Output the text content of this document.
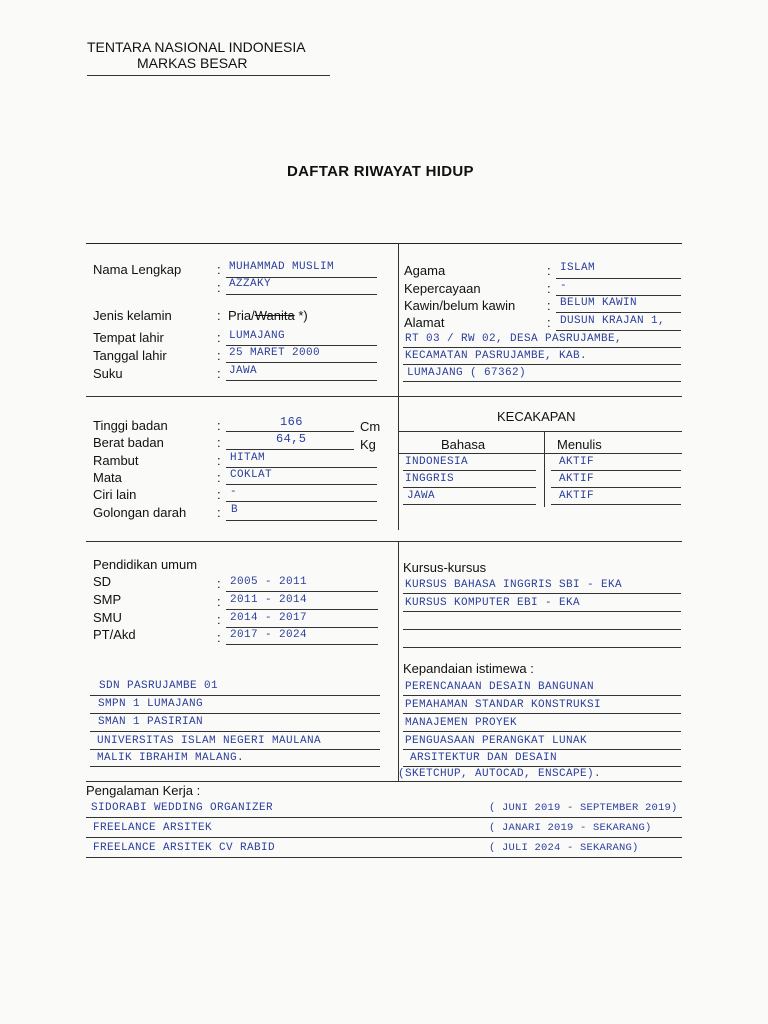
TENTARA NASIONAL INDONESIA
MARKAS BESAR
DAFTAR RIWAYAT HIDUP
Nama Lengkap	: MUHAMMAD MUSLIM
: AZZAKY
Jenis kelamin	: Pria/Wanita *)
Tempat lahir	: LUMAJANG
Tanggal lahir	: 25 MARET 2000
Suku	: JAWA
Agama	: ISLAM
Kepercayaan	: -
Kawin/belum kawin : BELUM KAWIN
Alamat	: DUSUN KRAJAN 1,
RT 03 / RW 02, DESA PASRUJAMBE,
KECAMATAN PASRUJAMBE, KAB.
LUMAJANG ( 67362)
Tinggi badan	:	166	Cm
Berat badan	:	64,5	Kg
Rambut	: HITAM
Mata	: COKLAT
Ciri lain	: -
Golongan darah : B
KECAKAPAN
Bahasa	Menulis
INDONESIA	AKTIF
INGGRIS	AKTIF
JAWA	AKTIF
Pendidikan umum
SD	: 2005 - 2011
SMP	: 2011 - 2014
SMU	: 2014 - 2017
PT/Akd	: 2017 - 2024
SDN PASRUJAMBE 01
SMPN 1 LUMAJANG
SMAN 1 PASIRIAN
UNIVERSITAS ISLAM NEGERI MAULANA
MALIK IBRAHIM MALANG.
Kursus-kursus
KURSUS BAHASA INGGRIS SBI - EKA
KURSUS KOMPUTER EBI - EKA
Kepandaian istimewa :
PERENCANAAN DESAIN BANGUNAN
PEMAHAMAN STANDAR KONSTRUKSI
MANAJEMEN PROYEK
PENGUASAAN PERANGKAT LUNAK
ARSITEKTUR DAN DESAIN
(SKETCHUP, AUTOCAD, ENSCAPE).
Pengalaman Kerja :
SIDORABI WEDDING ORGANIZER	( JUNI 2019 - SEPTEMBER 2019)
FREELANCE ARSITEK	( JANARI 2019 - SEKARANG)
FREELANCE ARSITEK CV RABID	( JULI 2024 - SEKARANG)
